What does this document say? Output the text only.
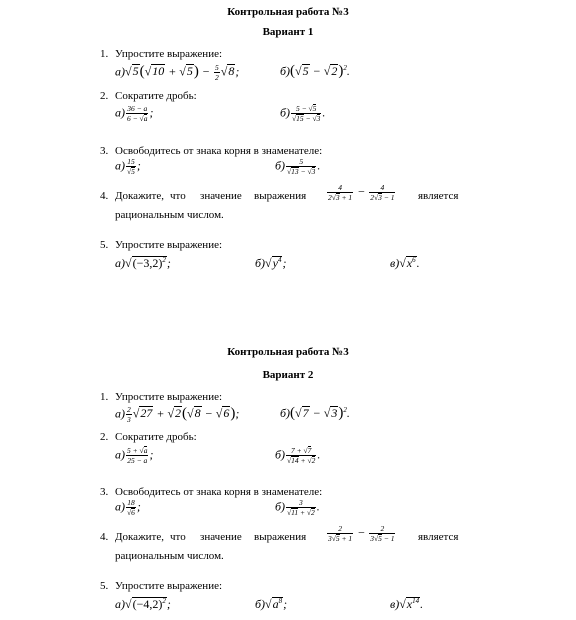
Контрольная работа №3
Вариант 1
1. Упростите выражение:
$а)√5(√10 + √5) - \frac{5}{2} √8$;	$б)(√5 - √2)^2$.
2. Сократите дробь:
$а) \frac{36 - a}{6 - √a}$ ;	$б) \frac{5 - √5}{√15 - √3}$ .
3. Освободитесь от знака корня в знаменателе:
$а) \frac{15}{√5}$ ;	$б) \frac{5}{√13 - √3}$ .
4. Докажите, что значение выражения	$\frac{4}{2√3 + 1} - \frac{4}{2√3 - 1}$ является
рациональным числом.
5. Упростите выражение:
$а)√(-3,2)^2$;	$б)√y^4$;	$в)√x^6$.
Контрольная работа №3
Вариант 2
1. Упростите выражение:
$а) \frac{2}{3} √27 + √2(√8 - √6)$;	$б)(√7 - √3)^2$.
2. Сократите дробь:
$а) \frac{5 + √a}{25 - a}$ ;	$б) \frac{7 + √7}{√14 + √2}$ .
3. Освободитесь от знака корня в знаменателе:
$а) \frac{18}{√6}$ ;	$б) \frac{3}{√11 + √2}$ .
4. Докажите, что значение выражения	$\frac{2}{3√5 + 1} - \frac{2}{3√5 - 1}$ является
рациональным числом.
5. Упростите выражение:
$а)√(-4,2)^2$;	$б)√a^8$;	$в)√x^{14}$.
